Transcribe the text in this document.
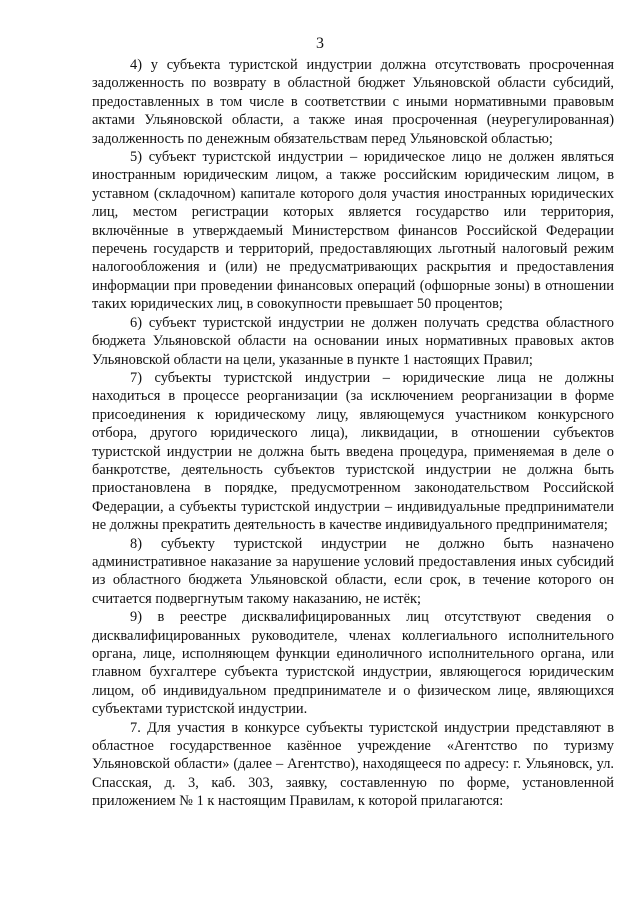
3

4) у субъекта туристской индустрии должна отсутствовать просроченная задолженность по возврату в областной бюджет Ульяновской области субсидий, предоставленных в том числе в соответствии с иными нормативными правовым актами Ульяновской области, а также иная просроченная (неурегулированная) задолженность по денежным обязательствам перед Ульяновской областью;

5) субъект туристской индустрии – юридическое лицо не должен являться иностранным юридическим лицом, а также российским юридическим лицом, в уставном (складочном) капитале которого доля участия иностранных юридических лиц, местом регистрации которых является государство или территория, включённые в утверждаемый Министерством финансов Российской Федерации перечень государств и территорий, предоставляющих льготный налоговый режим налогообложения и (или) не предусматривающих раскрытия и предоставления информации при проведении финансовых операций (офшорные зоны) в отношении таких юридических лиц, в совокупности превышает 50 процентов;

6) субъект туристской индустрии не должен получать средства областного бюджета Ульяновской области на основании иных нормативных правовых актов Ульяновской области на цели, указанные в пункте 1 настоящих Правил;

7) субъекты туристской индустрии – юридические лица не должны находиться в процессе реорганизации (за исключением реорганизации в форме присоединения к юридическому лицу, являющемуся участником конкурсного отбора, другого юридического лица), ликвидации, в отношении субъектов туристской индустрии не должна быть введена процедура, применяемая в деле о банкротстве, деятельность субъектов туристской индустрии не должна быть приостановлена в порядке, предусмотренном законодательством Российской Федерации, а субъекты туристской индустрии – индивидуальные предприниматели не должны прекратить деятельность в качестве индивидуального предпринимателя;

8) субъекту туристской индустрии не должно быть назначено административное наказание за нарушение условий предоставления иных субсидий из областного бюджета Ульяновской области, если срок, в течение которого он считается подвергнутым такому наказанию, не истёк;

9) в реестре дисквалифицированных лиц отсутствуют сведения о дисквалифицированных руководителе, членах коллегиального исполнительного органа, лице, исполняющем функции единоличного исполнительного органа, или главном бухгалтере субъекта туристской индустрии, являющегося юридическим лицом, об индивидуальном предпринимателе и о физическом лице, являющихся субъектами туристской индустрии.

7. Для участия в конкурсе субъекты туристской индустрии представляют в областное государственное казённое учреждение «Агентство по туризму Ульяновской области» (далее – Агентство), находящееся по адресу: г. Ульяновск, ул. Спасская, д. 3, каб. 303, заявку, составленную по форме, установленной приложением № 1 к настоящим Правилам, к которой прилагаются:
